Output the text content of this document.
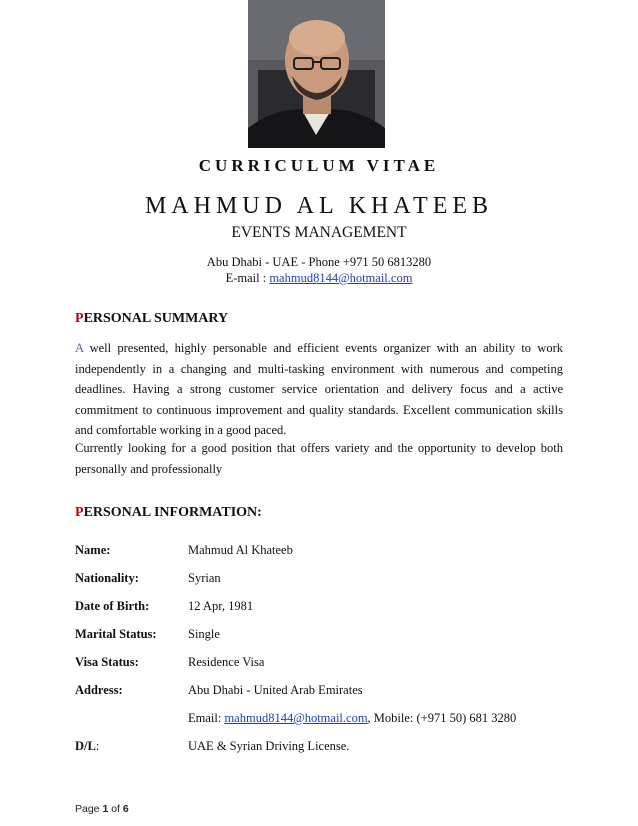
CURRICULUM VITAE
MAHMUD AL KHATEEB
EVENTS MANAGEMENT
Abu Dhabi - UAE - Phone +971 50 6813280
E-mail : mahmud8144@hotmail.com
PERSONAL SUMMARY

A well presented, highly personable and efficient events organizer with an ability to work independently in a changing and multi-tasking environment with numerous and competing deadlines. Having a strong customer service orientation and delivery focus and a active commitment to continuous improvement and quality standards. Excellent communication skills and comfortable working in a good paced.

Currently looking for a good position that offers variety and the opportunity to develop both personally and professionally

PERSONAL INFORMATION:
Name:	Mahmud Al Khateeb
Nationality:	Syrian
Date of Birth:	12 Apr, 1981
Marital Status:	Single
Visa Status:	Residence Visa
Address:	Abu Dhabi - United Arab Emirates
Email: mahmud8144@hotmail.com, Mobile: (+971 50) 681 3280
D/L:	UAE & Syrian Driving License.
Page 1 of 6
